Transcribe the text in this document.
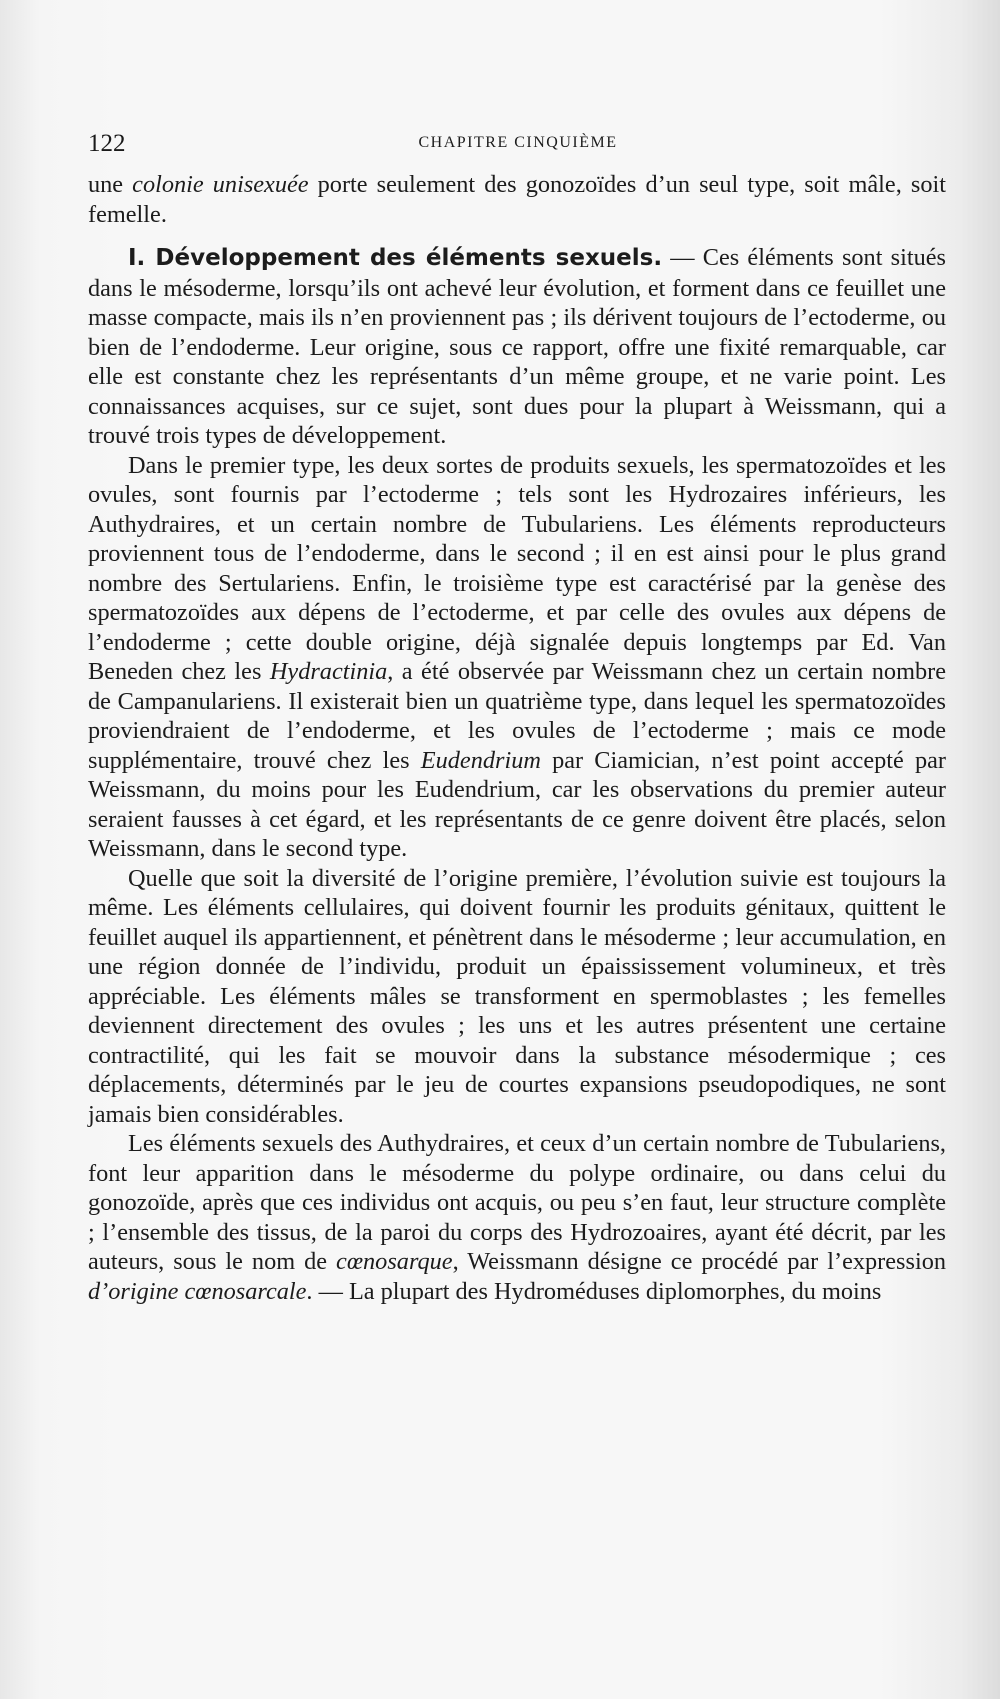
122	CHAPITRE CINQUIÈME

une colonie unisexuée porte seulement des gonozoïdes d’un seul type, soit mâle, soit femelle.

I. Développement des éléments sexuels. — Ces éléments sont situés dans le mésoderme, lorsqu’ils ont achevé leur évolution, et forment dans ce feuillet une masse compacte, mais ils n’en proviennent pas ; ils dérivent toujours de l’ectoderme, ou bien de l’endoderme. Leur origine, sous ce rapport, offre une fixité remarquable, car elle est constante chez les représentants d’un même groupe, et ne varie point. Les connaissances acquises, sur ce sujet, sont dues pour la plupart à Weissmann, qui a trouvé trois types de développement.

Dans le premier type, les deux sortes de produits sexuels, les spermatozoïdes et les ovules, sont fournis par l’ectoderme ; tels sont les Hydrozaires inférieurs, les Authydraires, et un certain nombre de Tubulariens. Les éléments reproducteurs proviennent tous de l’endoderme, dans le second ; il en est ainsi pour le plus grand nombre des Sertulariens. Enfin, le troisième type est caractérisé par la genèse des spermatozoïdes aux dépens de l’ectoderme, et par celle des ovules aux dépens de l’endoderme ; cette double origine, déjà signalée depuis longtemps par Ed. Van Beneden chez les Hydractinia, a été observée par Weissmann chez un certain nombre de Campanulariens. Il existerait bien un quatrième type, dans lequel les spermatozoïdes proviendraient de l’endoderme, et les ovules de l’ectoderme ; mais ce mode supplémentaire, trouvé chez les Eudendrium par Ciamician, n’est point accepté par Weissmann, du moins pour les Eudendrium, car les observations du premier auteur seraient fausses à cet égard, et les représentants de ce genre doivent être placés, selon Weissmann, dans le second type.

Quelle que soit la diversité de l’origine première, l’évolution suivie est toujours la même. Les éléments cellulaires, qui doivent fournir les produits génitaux, quittent le feuillet auquel ils appartiennent, et pénètrent dans le mésoderme ; leur accumulation, en une région donnée de l’individu, produit un épaississement volumineux, et très appréciable. Les éléments mâles se transforment en spermoblastes ; les femelles deviennent directement des ovules ; les uns et les autres présentent une certaine contractilité, qui les fait se mouvoir dans la substance mésodermique ; ces déplacements, déterminés par le jeu de courtes expansions pseudopodiques, ne sont jamais bien considérables.

Les éléments sexuels des Authydraires, et ceux d’un certain nombre de Tubulariens, font leur apparition dans le mésoderme du polype ordinaire, ou dans celui du gonozoïde, après que ces individus ont acquis, ou peu s’en faut, leur structure complète ; l’ensemble des tissus, de la paroi du corps des Hydrozoaires, ayant été décrit, par les auteurs, sous le nom de cœnosarque, Weissmann désigne ce procédé par l’expression d’origine cœnosarcale. — La plupart des Hydroméduses diplomorphes, du moins
